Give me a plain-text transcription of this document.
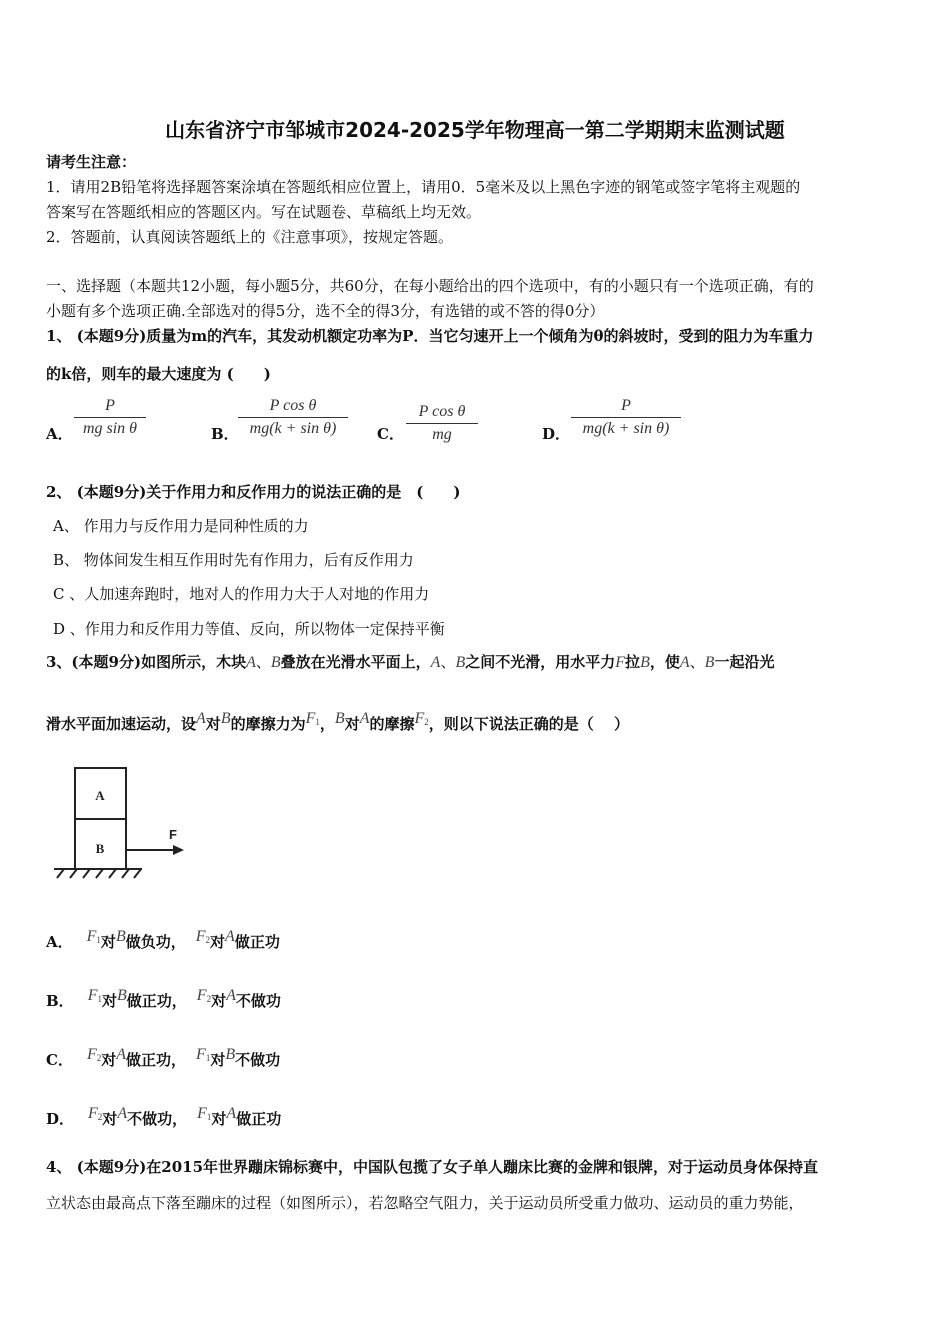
山东省济宁市邹城市2024-2025学年物理高一第二学期期末监测试题
请考生注意：
1．请用2B铅笔将选择题答案涂填在答题纸相应位置上，请用0．5毫米及以上黑色字迹的钢笔或签字笔将主观题的
答案写在答题纸相应的答题区内。写在试题卷、草稿纸上均无效。
2．答题前，认真阅读答题纸上的《注意事项》，按规定答题。
一、选择题（本题共12小题，每小题5分，共60分，在每小题给出的四个选项中，有的小题只有一个选项正确，有的
小题有多个选项正确.全部选对的得5分，选不全的得3分，有选错的或不答的得0分）
1、 (本题9分)质量为m的汽车，其发动机额定功率为P．当它匀速开上一个倾角为θ的斜坡时，受到的阻力为车重力
的k倍，则车的最大速度为 (　　)
A．
P
mg sin θ	B．
P cos θ
mg(k + sin θ)	C．
P cos θ
mg	D．
P
mg(k + sin θ)
2、 (本题9分)关于作用力和反作用力的说法正确的是　(　　)
A、 作用力与反作用力是同种性质的力
B、 物体间发生相互作用时先有作用力，后有反作用力
C 、人加速奔跑时，地对人的作用力大于人对地的作用力
D 、作用力和反作用力等值、反向，所以物体一定保持平衡
3、(本题9分)如图所示，木块A、B叠放在光滑水平面上，A、B之间不光滑，用水平力F拉B，使A、B一起沿光
滑水平面加速运动，设A对B的摩擦力为$F_1$，B对A的摩擦$F_2$，则以下说法正确的是（　 ）
A
B
F
A． $F_1$对B做负功， $F_2$对A做正功
B． $F_1$对B做正功， $F_2$对A不做功
C． $F_2$对A做正功， $F_1$对B不做功
D． $F_2$对A不做功， $F_1$对A做正功
4、 (本题9分)在2015年世界蹦床锦标赛中，中国队包揽了女子单人蹦床比赛的金牌和银牌，对于运动员身体保持直
立状态由最高点下落至蹦床的过程（如图所示），若忽略空气阻力，关于运动员所受重力做功、运动员的重力势能，
